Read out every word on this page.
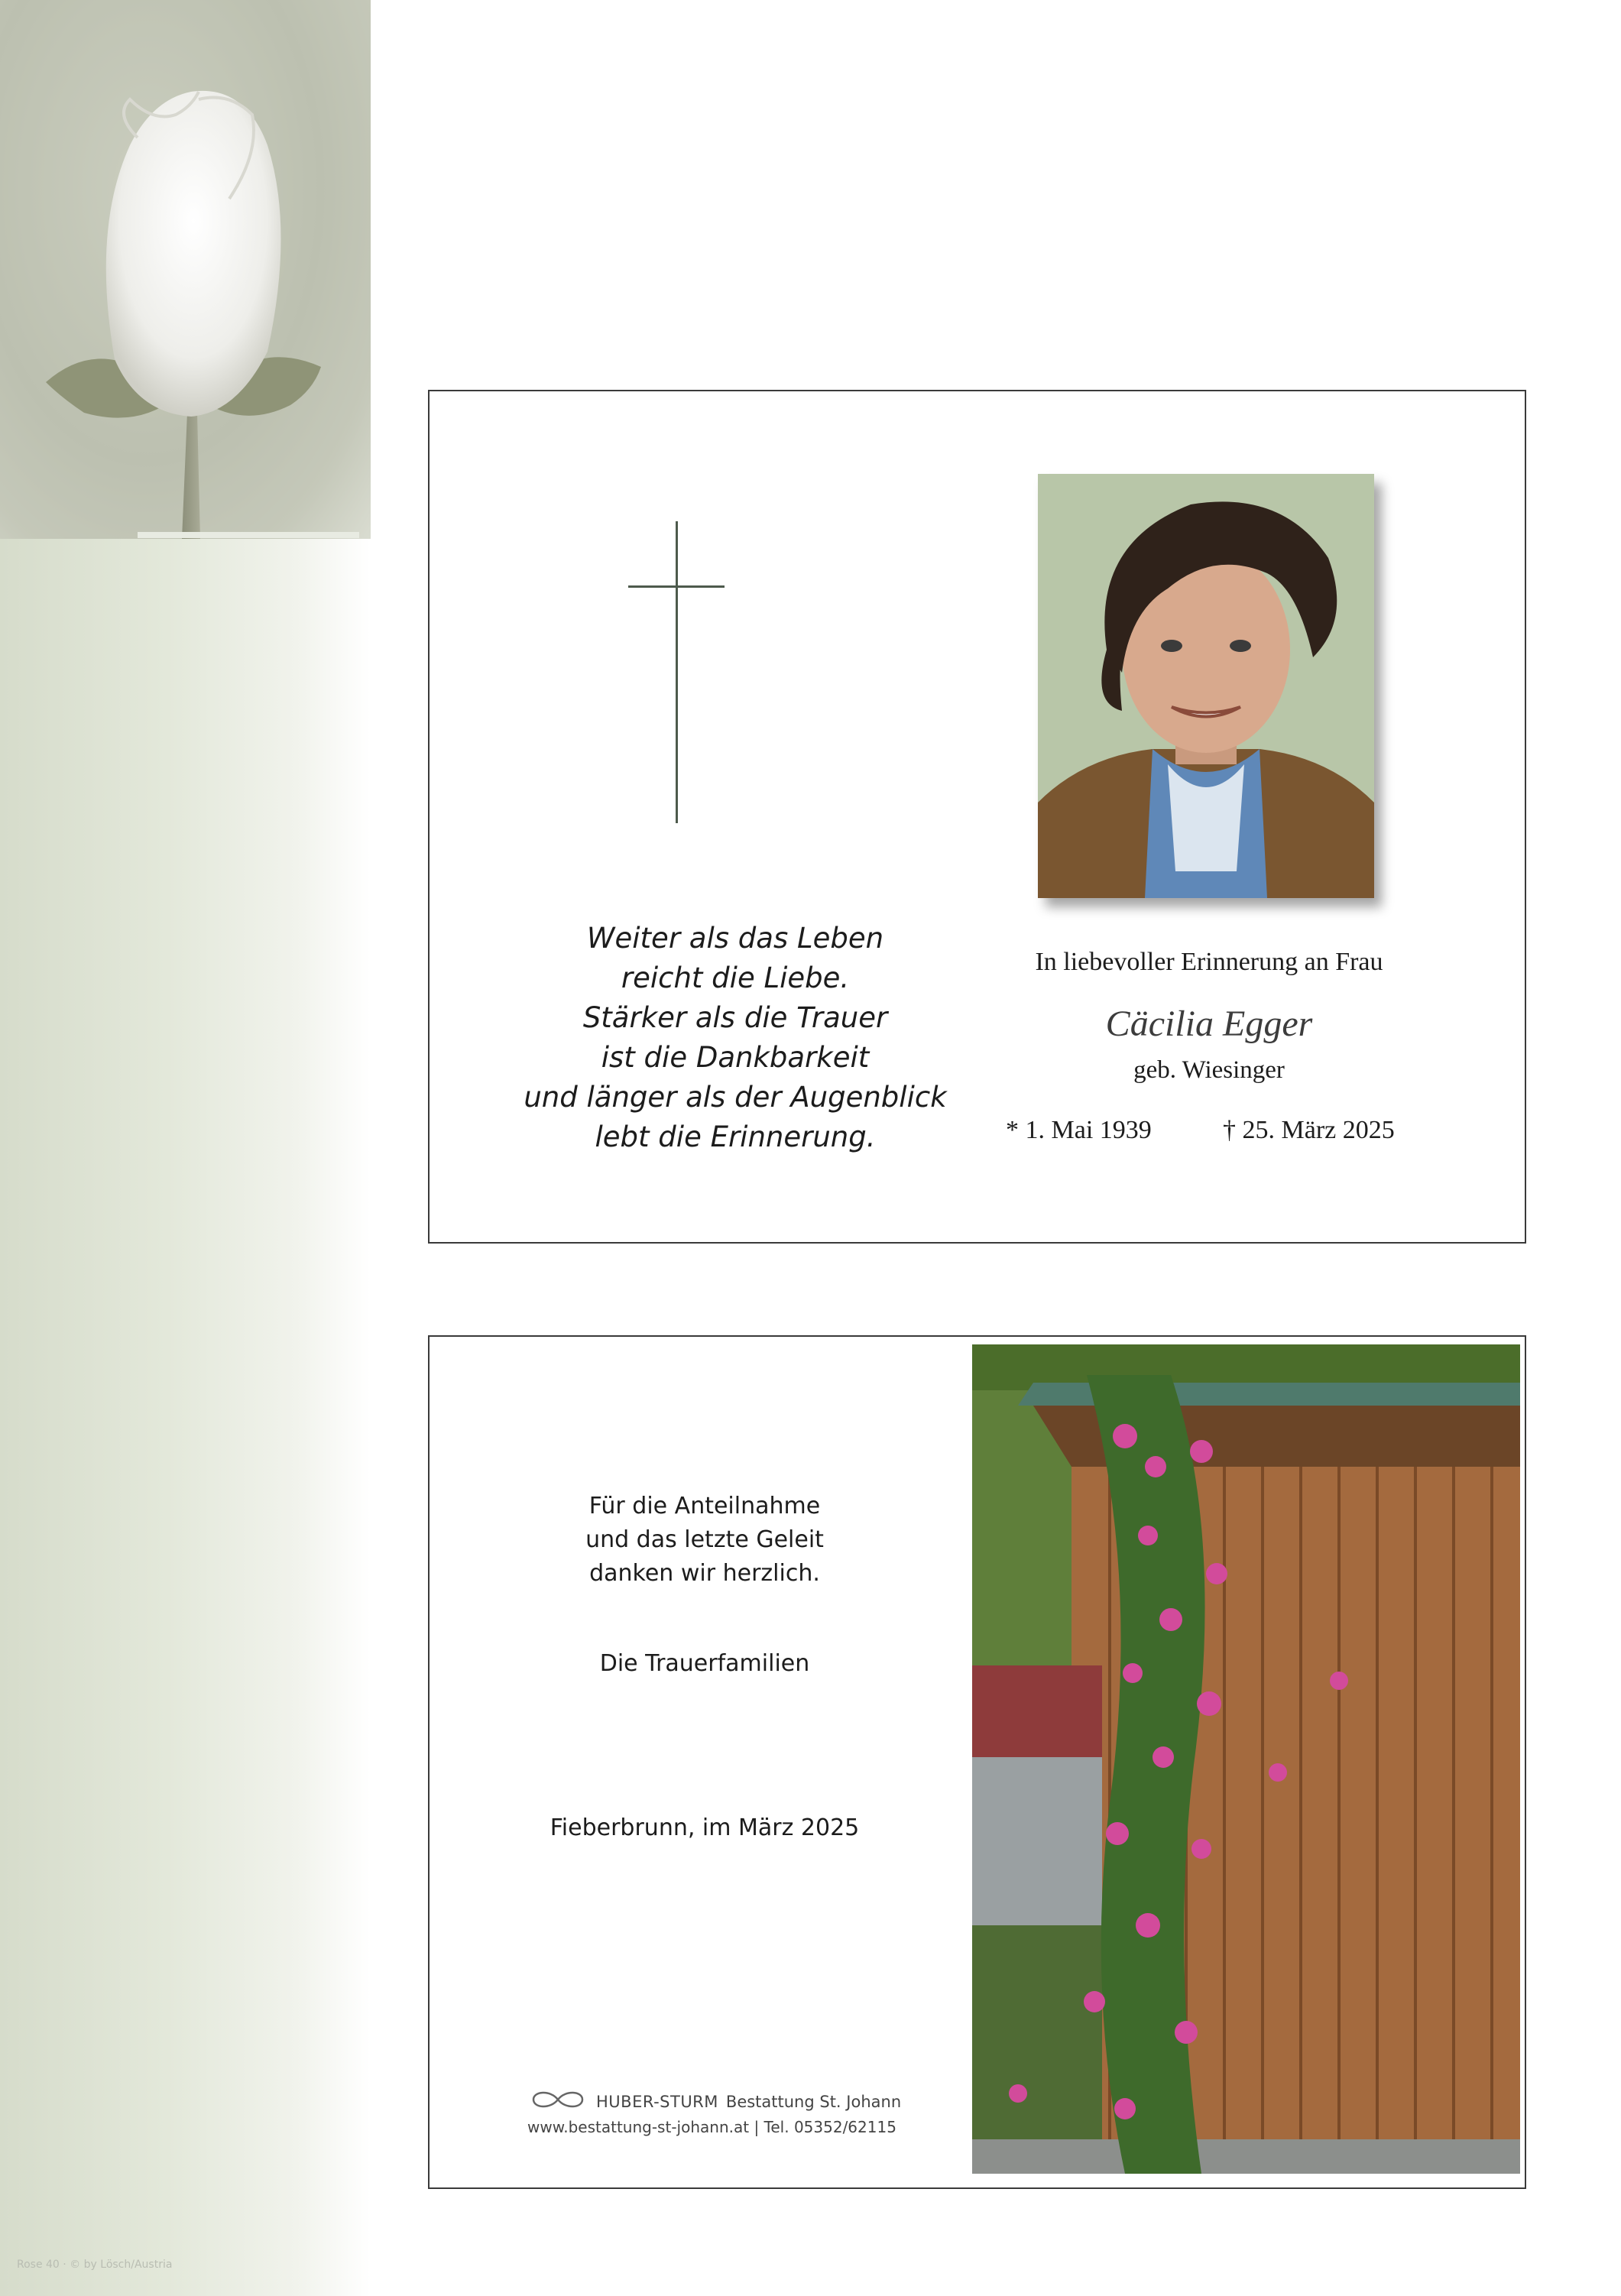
Rose 40 · © by Lösch/Austria
Weiter als das Leben
reicht die Liebe.
Stärker als die Trauer
ist die Dankbarkeit
und länger als der Augenblick
lebt die Erinnerung.
In liebevoller Erinnerung an Frau
Cäcilia Egger
geb. Wiesinger
* 1. Mai 1939	† 25. März 2025
Für die Anteilnahme
und das letzte Geleit
danken wir herzlich.
Die Trauerfamilien
Fieberbrunn, im März 2025
HUBER-STURM Bestattung St. Johann
www.bestattung-st-johann.at | Tel. 05352/62115
